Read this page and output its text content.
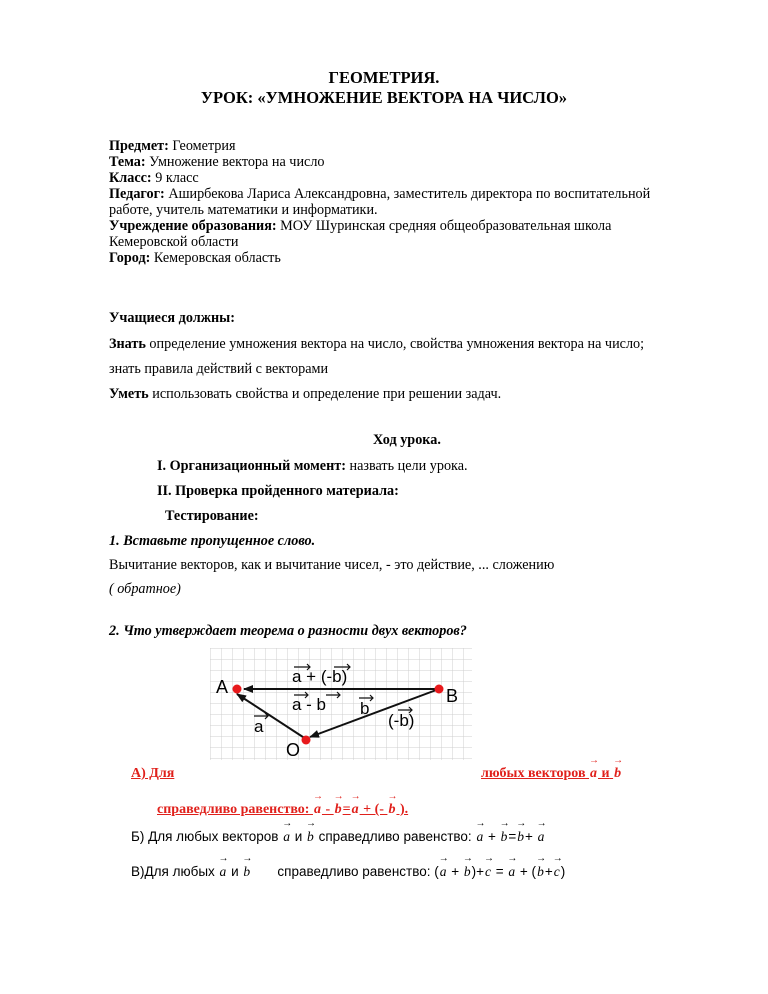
ГЕОМЕТРИЯ.
УРОК: «УМНОЖЕНИЕ ВЕКТОРА НА ЧИСЛО»
Предмет: Геометрия
Тема: Умножение вектора на число
Класс: 9 класс
Педагог: Аширбекова Лариса Александровна, заместитель директора по воспитательной
работе, учитель математики и информатики.
Учреждение образования: МОУ Шуринская средняя общеобразовательная школа
Кемеровской области
Город: Кемеровская область
Учащиеся должны:
Знать определение умножения вектора на число, свойства умножения вектора на число;
знать правила действий с векторами
Уметь использовать свойства и определение при решении задач.
Ход урока.
I. Организационный момент: назвать цели урока.
II. Проверка пройденного материала:
Тестирование:
1. Вставьте пропущенное слово.
Вычитание векторов, как и вычитание чисел, - это действие, ... сложению
( обратное)
2. Что утверждает теорема о разности двух векторов?
A	B
O
a + (-b)
a - b b
(-b)
a
А) Для	любых векторов → a и → b
справедливо равенство: → a - → b=→ a + (- → b ).
Б) Для любых векторов → a и → b справедливо равенство: → a + → b=→ b+ → a
В)Для любых → a и → b справедливо равенство: (→ a + → b)+→ c = → a + (→ b+→ c)
